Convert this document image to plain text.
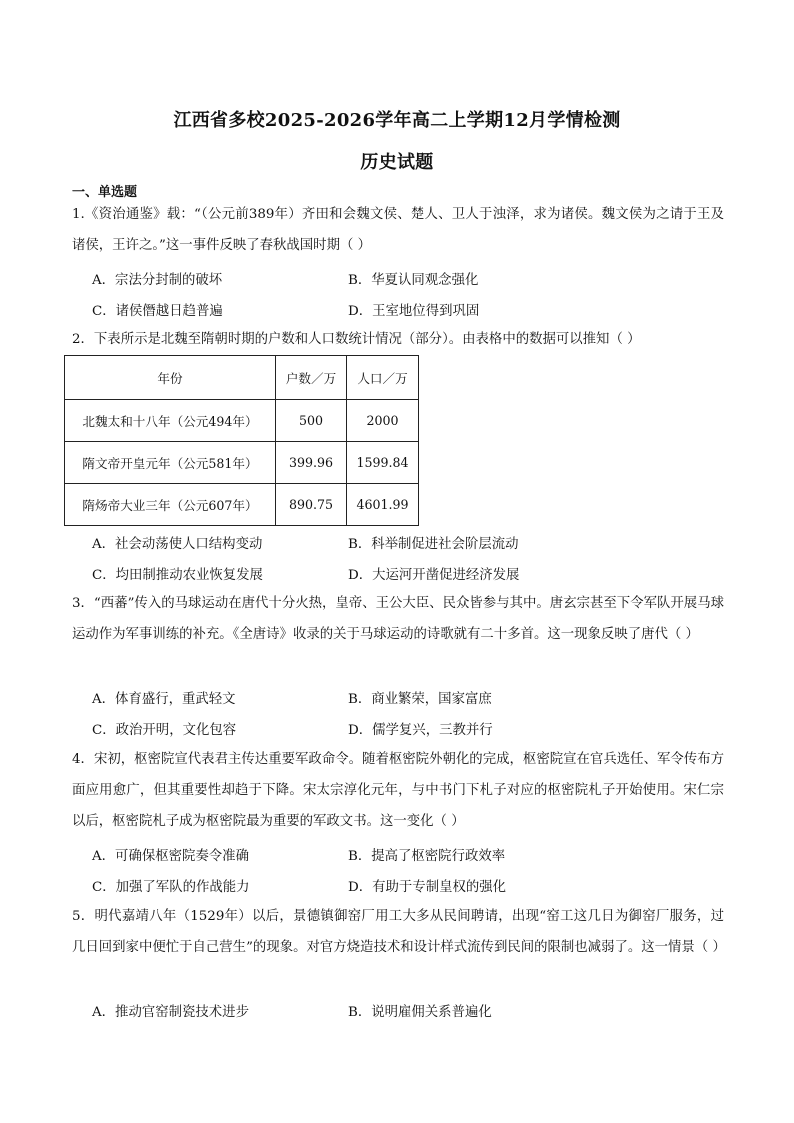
江西省多校2025-2026学年高二上学期12月学情检测
历史试题
一、单选题
1.《资治通鉴》载：“（公元前389年）齐田和会魏文侯、楚人、卫人于浊泽，求为诸侯。魏文侯为之请于王及诸侯，王许之。”这一事件反映了春秋战国时期（ ）
A．宗法分封制的破坏	B．华夏认同观念强化
C．诸侯僭越日趋普遍	D．王室地位得到巩固
2．下表所示是北魏至隋朝时期的户数和人口数统计情况（部分）。由表格中的数据可以推知（ ）
年份	户数／万	人口／万
北魏太和十八年（公元494年）	500	2000
隋文帝开皇元年（公元581年）	399.96	1599.84
隋炀帝大业三年（公元607年）	890.75	4601.99
A．社会动荡使人口结构变动	B．科举制促进社会阶层流动
C．均田制推动农业恢复发展	D．大运河开凿促进经济发展
3．“西蕃”传入的马球运动在唐代十分火热，皇帝、王公大臣、民众皆参与其中。唐玄宗甚至下令军队开展马球运动作为军事训练的补充。《全唐诗》收录的关于马球运动的诗歌就有二十多首。这一现象反映了唐代（ ）
A．体育盛行，重武轻文	B．商业繁荣，国家富庶
C．政治开明，文化包容	D．儒学复兴，三教并行
4．宋初，枢密院宣代表君主传达重要军政命令。随着枢密院外朝化的完成，枢密院宣在官兵选任、军令传布方面应用愈广，但其重要性却趋于下降。宋太宗淳化元年，与中书门下札子对应的枢密院札子开始使用。宋仁宗以后，枢密院札子成为枢密院最为重要的军政文书。这一变化（ ）
A．可确保枢密院奏令准确	B．提高了枢密院行政效率
C．加强了军队的作战能力	D．有助于专制皇权的强化
5．明代嘉靖八年（1529年）以后，景德镇御窑厂用工大多从民间聘请，出现“窑工这几日为御窑厂服务，过几日回到家中便忙于自己营生”的现象。对官方烧造技术和设计样式流传到民间的限制也减弱了。这一情景（ ）
A．推动官窑制瓷技术进步	B．说明雇佣关系普遍化
